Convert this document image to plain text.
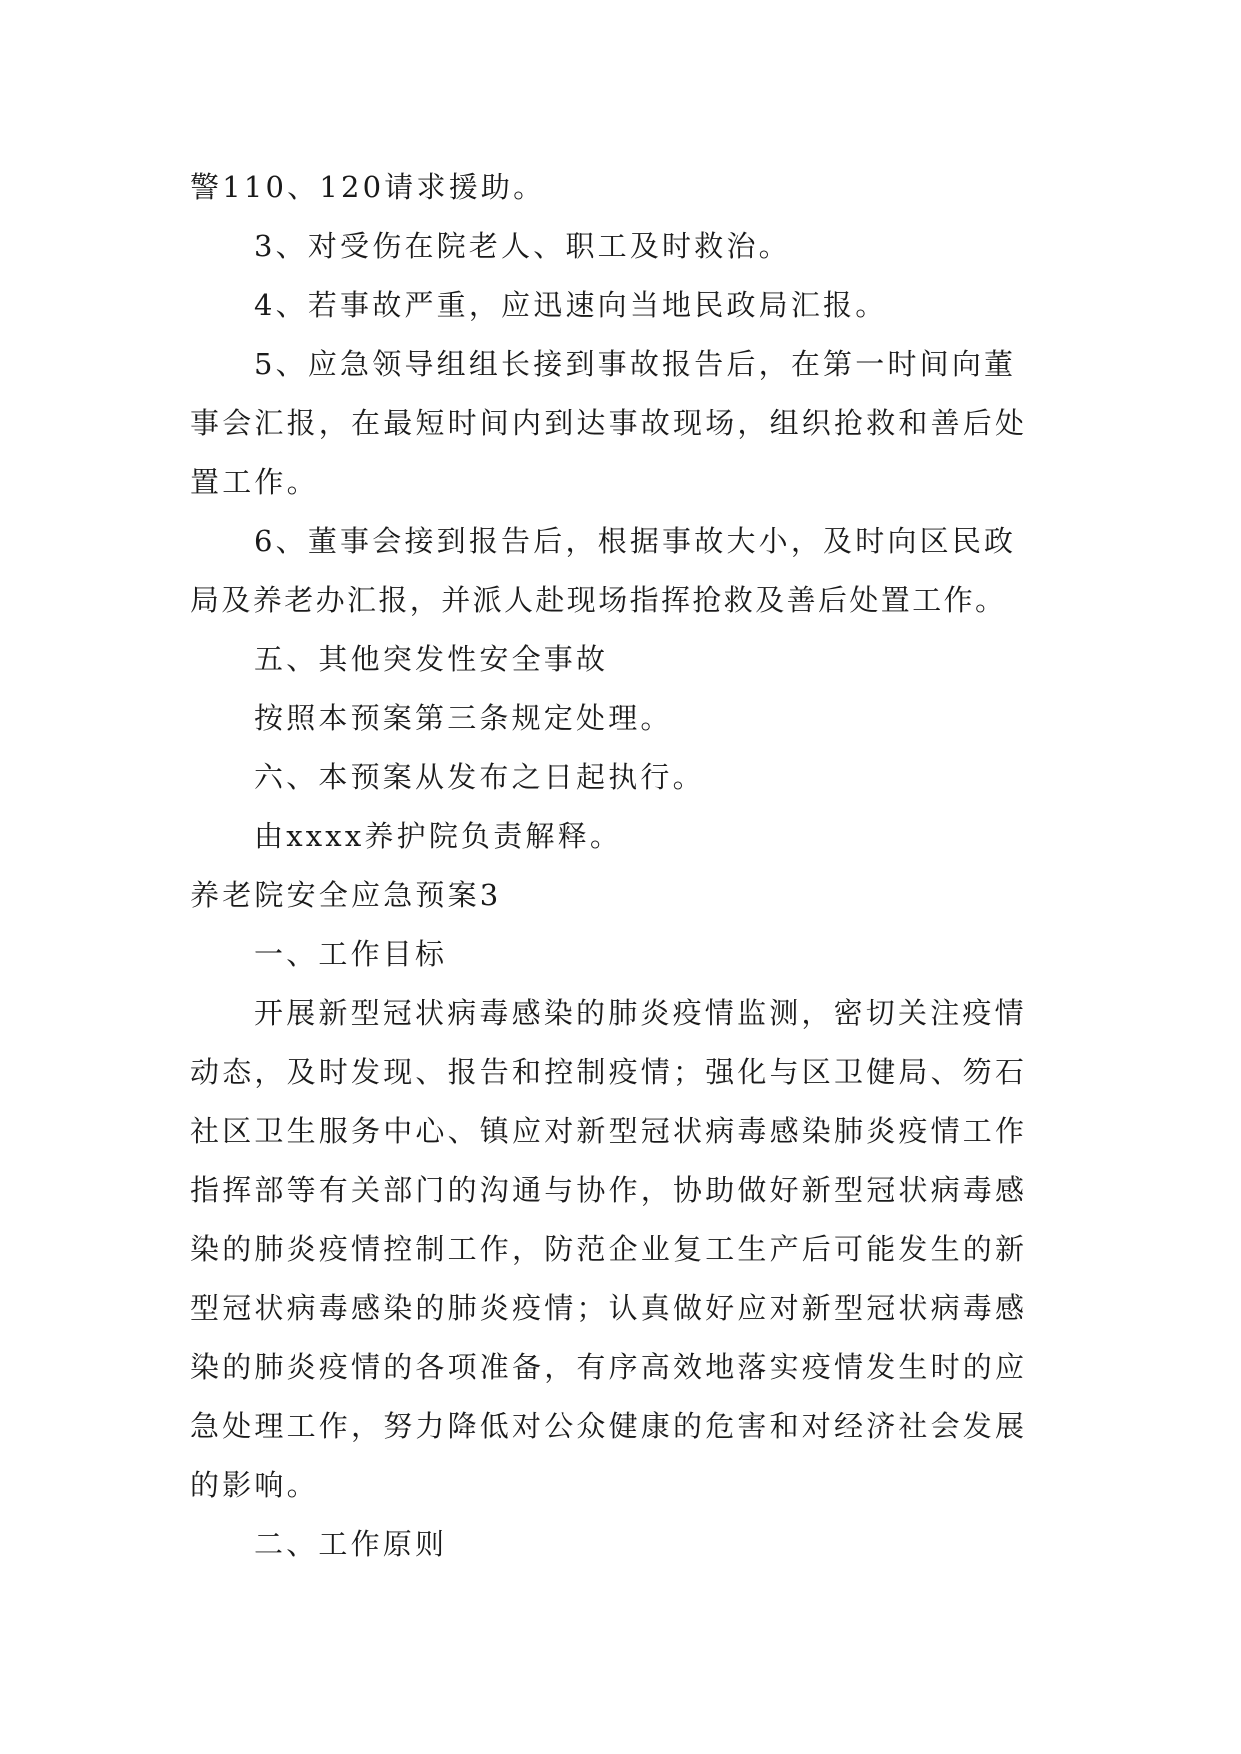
警110、120请求援助。
3、对受伤在院老人、职工及时救治。
4、若事故严重，应迅速向当地民政局汇报。
5、应急领导组组长接到事故报告后，在第一时间向董
事会汇报，在最短时间内到达事故现场，组织抢救和善后处
置工作。
6、董事会接到报告后，根据事故大小，及时向区民政
局及养老办汇报，并派人赴现场指挥抢救及善后处置工作。
五、其他突发性安全事故
按照本预案第三条规定处理。
六、本预案从发布之日起执行。
由xxxx养护院负责解释。
养老院安全应急预案3
一、工作目标
开展新型冠状病毒感染的肺炎疫情监测，密切关注疫情
动态，及时发现、报告和控制疫情；强化与区卫健局、笏石
社区卫生服务中心、镇应对新型冠状病毒感染肺炎疫情工作
指挥部等有关部门的沟通与协作，协助做好新型冠状病毒感
染的肺炎疫情控制工作，防范企业复工生产后可能发生的新
型冠状病毒感染的肺炎疫情；认真做好应对新型冠状病毒感
染的肺炎疫情的各项准备，有序高效地落实疫情发生时的应
急处理工作，努力降低对公众健康的危害和对经济社会发展
的影响。
二、工作原则
